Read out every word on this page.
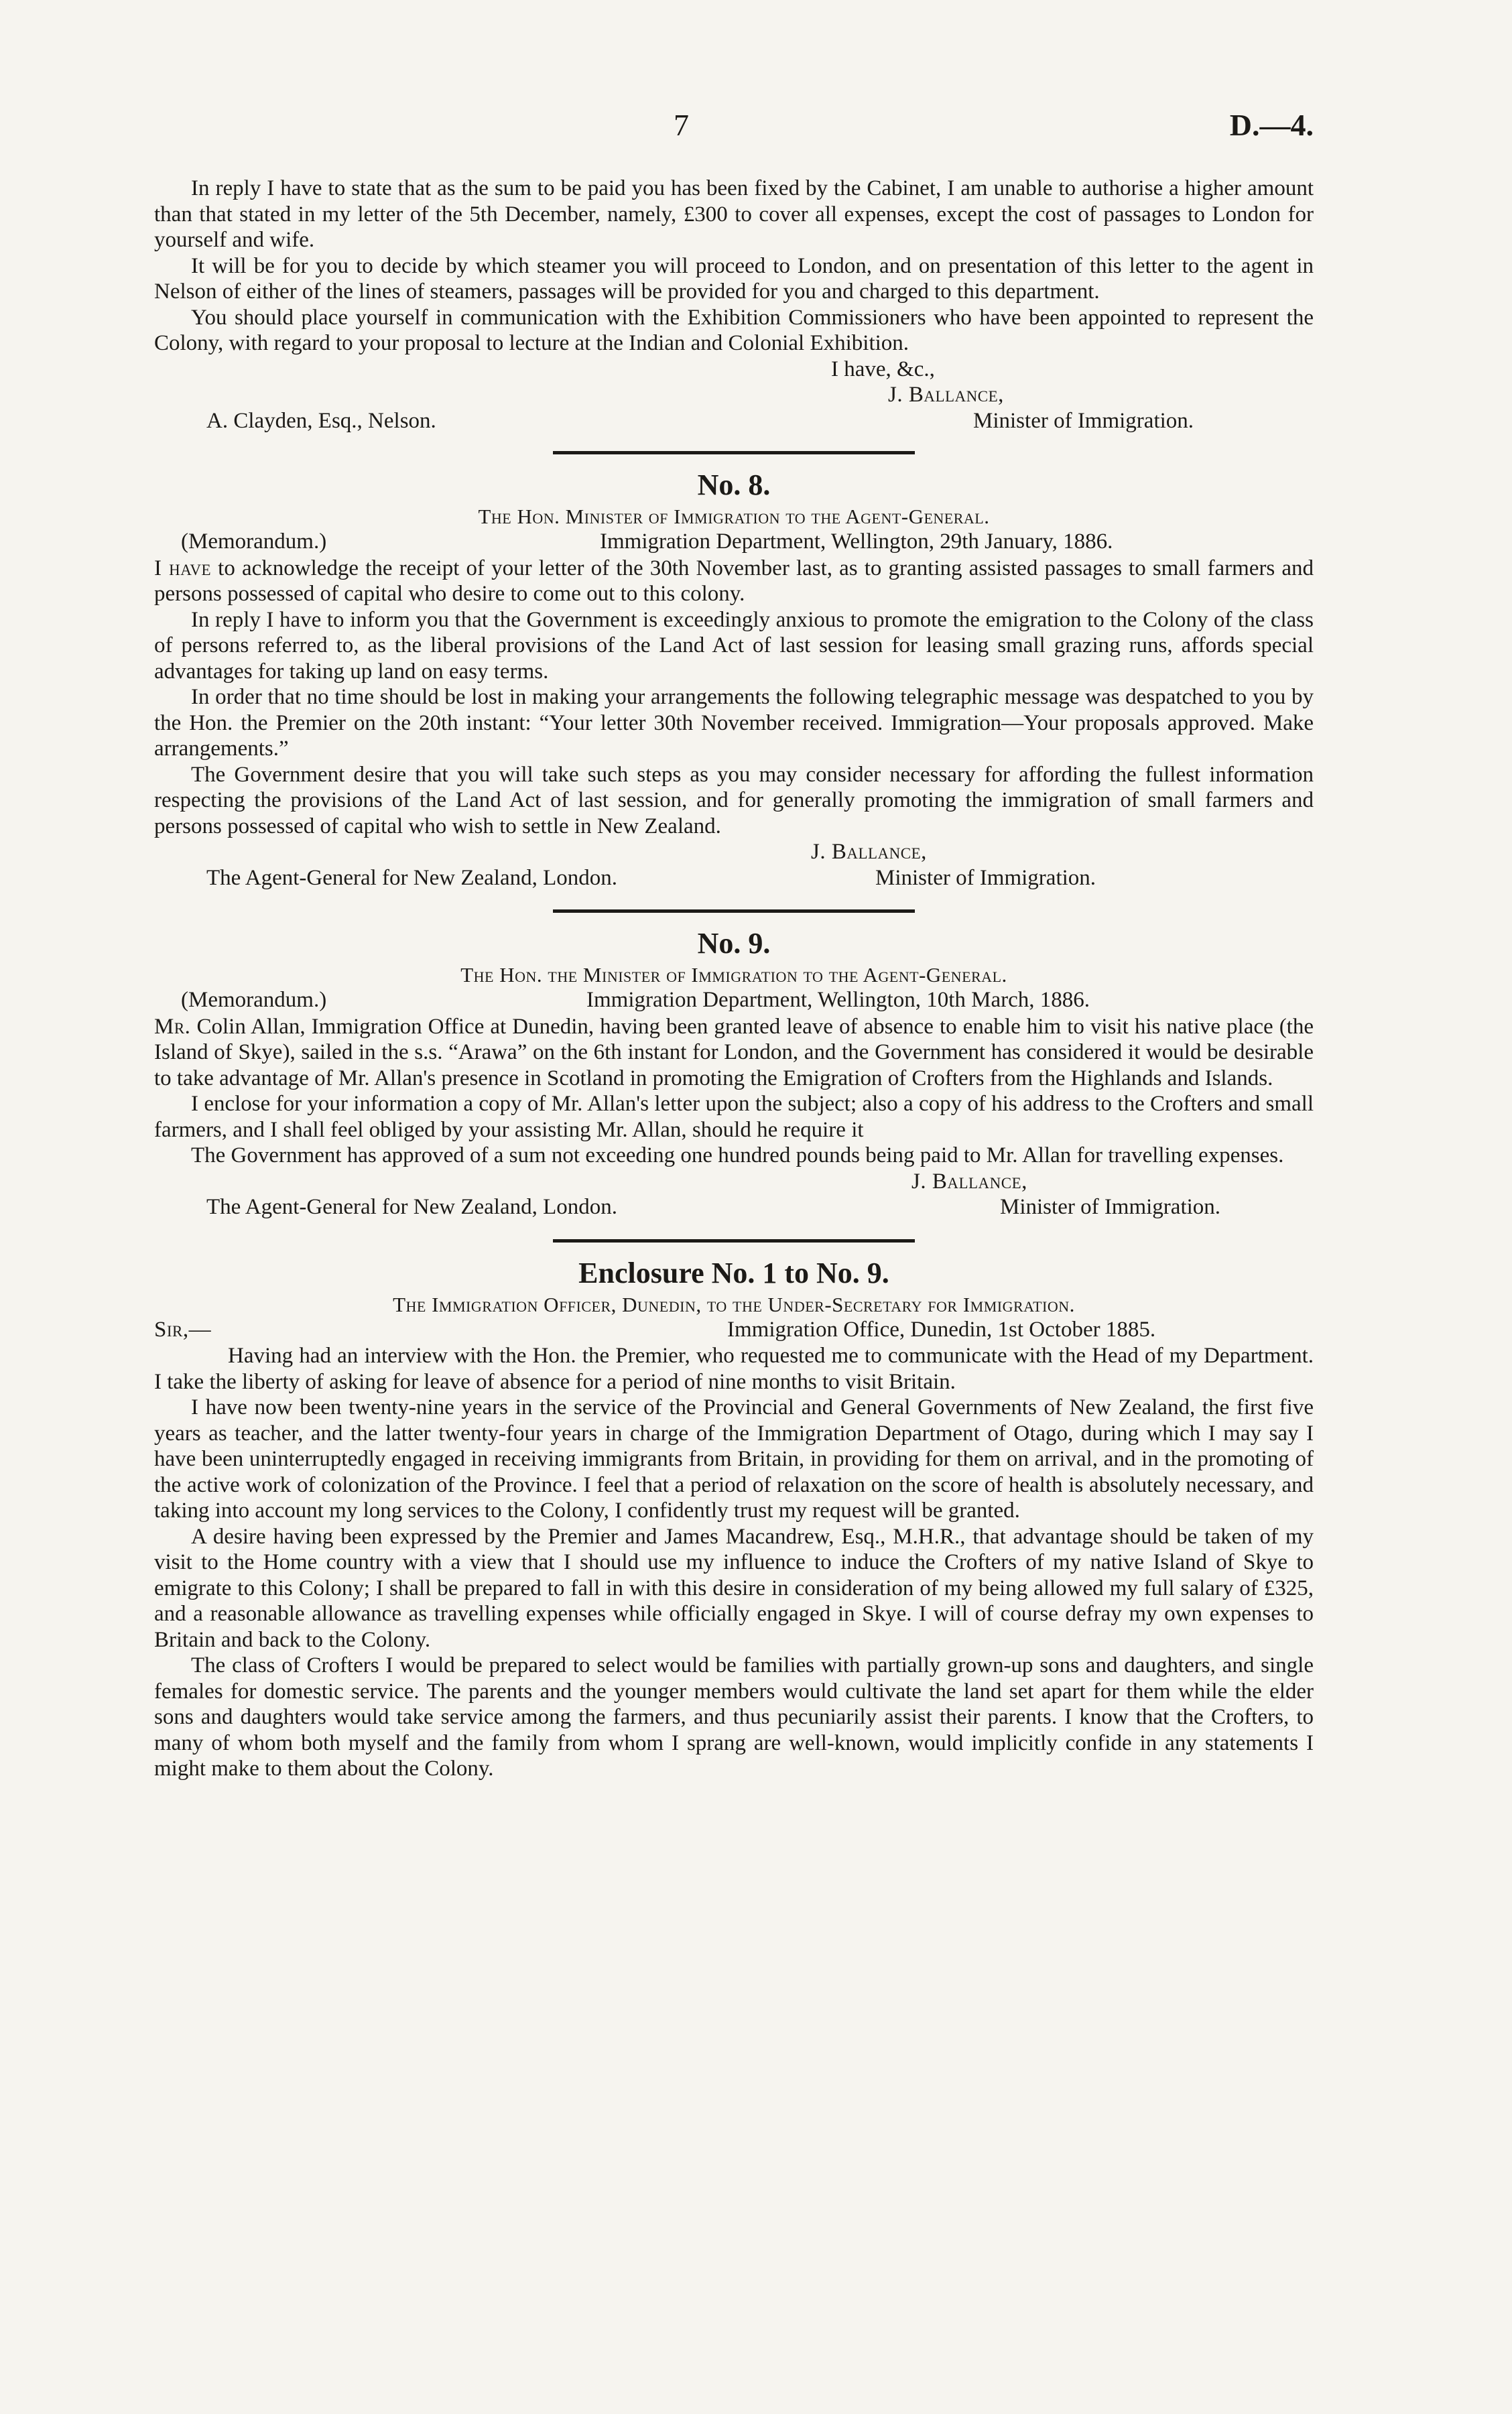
7	D.—4.

In reply I have to state that as the sum to be paid you has been fixed by the Cabinet, I am unable to authorise a higher amount than that stated in my letter of the 5th December, namely, £300 to cover all expenses, except the cost of passages to London for yourself and wife.

It will be for you to decide by which steamer you will proceed to London, and on presentation of this letter to the agent in Nelson of either of the lines of steamers, passages will be provided for you and charged to this department.

You should place yourself in communication with the Exhibition Commissioners who have been appointed to represent the Colony, with regard to your proposal to lecture at the Indian and Colonial Exhibition.

I have, &c.,
J. Ballance,
A. Clayden, Esq., Nelson.	Minister of Immigration.
No. 8.
The Hon. Minister of Immigration to the Agent-General.
(Memorandum.)	Immigration Department, Wellington, 29th January, 1886.

I have to acknowledge the receipt of your letter of the 30th November last, as to granting assisted passages to small farmers and persons possessed of capital who desire to come out to this colony.

In reply I have to inform you that the Government is exceedingly anxious to promote the emigration to the Colony of the class of persons referred to, as the liberal provisions of the Land Act of last session for leasing small grazing runs, affords special advantages for taking up land on easy terms.

In order that no time should be lost in making your arrangements the following telegraphic message was despatched to you by the Hon. the Premier on the 20th instant: “Your letter 30th November received. Immigration—Your proposals approved. Make arrangements.”

The Government desire that you will take such steps as you may consider necessary for affording the fullest information respecting the provisions of the Land Act of last session, and for generally promoting the immigration of small farmers and persons possessed of capital who wish to settle in New Zealand.

J. Ballance,
The Agent-General for New Zealand, London.	Minister of Immigration.
No. 9.
The Hon. the Minister of Immigration to the Agent-General.
(Memorandum.)	Immigration Department, Wellington, 10th March, 1886.

Mr. Colin Allan, Immigration Office at Dunedin, having been granted leave of absence to enable him to visit his native place (the Island of Skye), sailed in the s.s. “Arawa” on the 6th instant for London, and the Government has considered it would be desirable to take advantage of Mr. Allan's presence in Scotland in promoting the Emigration of Crofters from the Highlands and Islands.

I enclose for your information a copy of Mr. Allan's letter upon the subject; also a copy of his address to the Crofters and small farmers, and I shall feel obliged by your assisting Mr. Allan, should he require it

The Government has approved of a sum not exceeding one hundred pounds being paid to Mr. Allan for travelling expenses.

J. Ballance,
The Agent-General for New Zealand, London.	Minister of Immigration.
Enclosure No. 1 to No. 9.
The Immigration Officer, Dunedin, to the Under-Secretary for Immigration.
Sir,—	Immigration Office, Dunedin, 1st October 1885.

Having had an interview with the Hon. the Premier, who requested me to communicate with the Head of my Department. I take the liberty of asking for leave of absence for a period of nine months to visit Britain.

I have now been twenty-nine years in the service of the Provincial and General Governments of New Zealand, the first five years as teacher, and the latter twenty-four years in charge of the Immigration Department of Otago, during which I may say I have been uninterruptedly engaged in receiving immigrants from Britain, in providing for them on arrival, and in the promoting of the active work of colonization of the Province. I feel that a period of relaxation on the score of health is absolutely necessary, and taking into account my long services to the Colony, I confidently trust my request will be granted.

A desire having been expressed by the Premier and James Macandrew, Esq., M.H.R., that advantage should be taken of my visit to the Home country with a view that I should use my influence to induce the Crofters of my native Island of Skye to emigrate to this Colony; I shall be prepared to fall in with this desire in consideration of my being allowed my full salary of £325, and a reasonable allowance as travelling expenses while officially engaged in Skye. I will of course defray my own expenses to Britain and back to the Colony.

The class of Crofters I would be prepared to select would be families with partially grown-up sons and daughters, and single females for domestic service. The parents and the younger members would cultivate the land set apart for them while the elder sons and daughters would take service among the farmers, and thus pecuniarily assist their parents. I know that the Crofters, to many of whom both myself and the family from whom I sprang are well-known, would implicitly confide in any statements I might make to them about the Colony.
